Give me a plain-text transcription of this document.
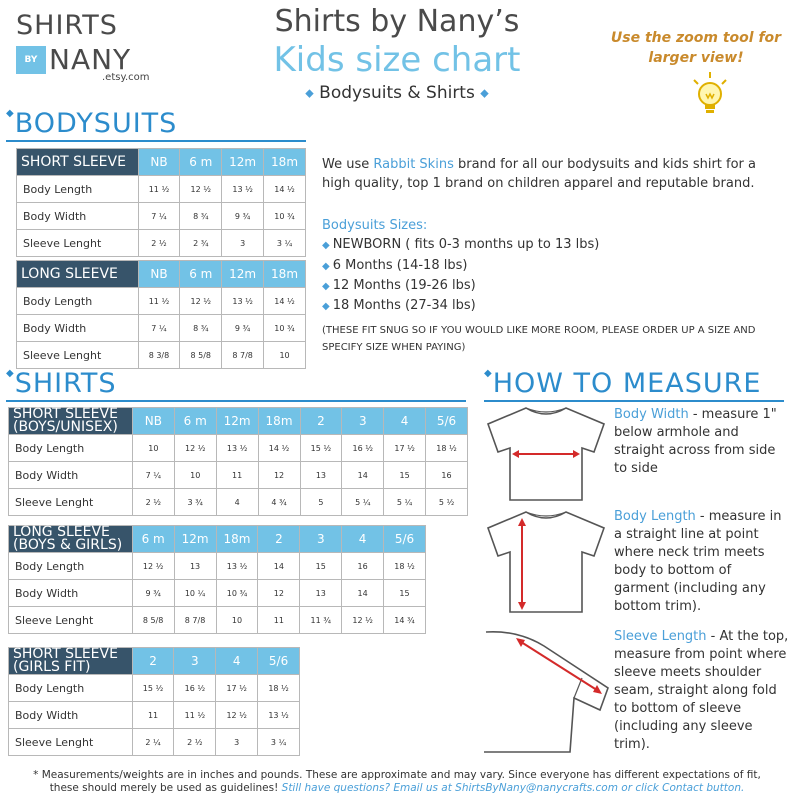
SHIRTS
BY NANY
.etsy.com
Shirts by Nany’s
Kids size chart
◆ Bodysuits & Shirts ◆
Use the zoom tool for larger view!
◆BODYSUITS
SHORT SLEEVE	NB	6 m	12m	18m
Body Length	11 ½	12 ½	13 ½	14 ½
Body Width	7 ¼	8 ¾	9 ¾	10 ¾
Sleeve Lenght	2 ½	2 ¾	3	3 ¼
LONG SLEEVE	NB	6 m	12m	18m
Body Length	11 ½	12 ½	13 ½	14 ½
Body Width	7 ¼	8 ¾	9 ¾	10 ¾
Sleeve Lenght	8 3/8	8 5/8	8 7/8	10
We use Rabbit Skins brand for all our bodysuits and kids shirt for a high quality, top 1 brand on children apparel and reputable brand.
Bodysuits Sizes:
◆ NEWBORN ( fits 0-3 months up to 13 lbs)
◆ 6 Months (14-18 lbs)
◆ 12 Months (19-26 lbs)
◆ 18 Months (27-34 lbs)
(THESE FIT SNUG SO IF YOU WOULD LIKE MORE ROOM, PLEASE ORDER UP A SIZE AND SPECIFY SIZE WHEN PAYING)
◆SHIRTS
SHORT SLEEVE (BOYS/UNISEX)	NB	6 m	12m	18m	2	3	4	5/6
Body Length	10	12 ½	13 ½	14 ½	15 ½	16 ½	17 ½	18 ½
Body Width	7 ¼	10	11	12	13	14	15	16
Sleeve Lenght	2 ½	3 ¾	4	4 ¾	5	5 ¼	5 ¼	5 ½
LONG SLEEVE (BOYS & GIRLS)	6 m	12m	18m	2	3	4	5/6
Body Length	12 ½	13	13 ½	14	15	16	18 ½
Body Width	9 ¾	10 ¼	10 ¾	12	13	14	15
Sleeve Lenght	8 5/8	8 7/8	10	11	11 ¾	12 ½	14 ¾
SHORT SLEEVE (GIRLS FIT)	2	3	4	5/6
Body Length	15 ½	16 ½	17 ½	18 ½
Body Width	11	11 ½	12 ½	13 ½
Sleeve Lenght	2 ¼	2 ½	3	3 ¼
◆HOW TO MEASURE
Body Width - measure 1" below armhole and straight across from side to side
Body Length - measure in a straight line at point where neck trim meets body to bottom of garment (including any bottom trim).
Sleeve Length - At the top, measure from point where sleeve meets shoulder seam, straight along fold to bottom of sleeve (including any sleeve trim).
* Measurements/weights are in inches and pounds. These are approximate and may vary. Since everyone has different expectations of fit,
these should merely be used as guidelines! Still have questions? Email us at ShirtsByNany@nanycrafts.com or click Contact button.
